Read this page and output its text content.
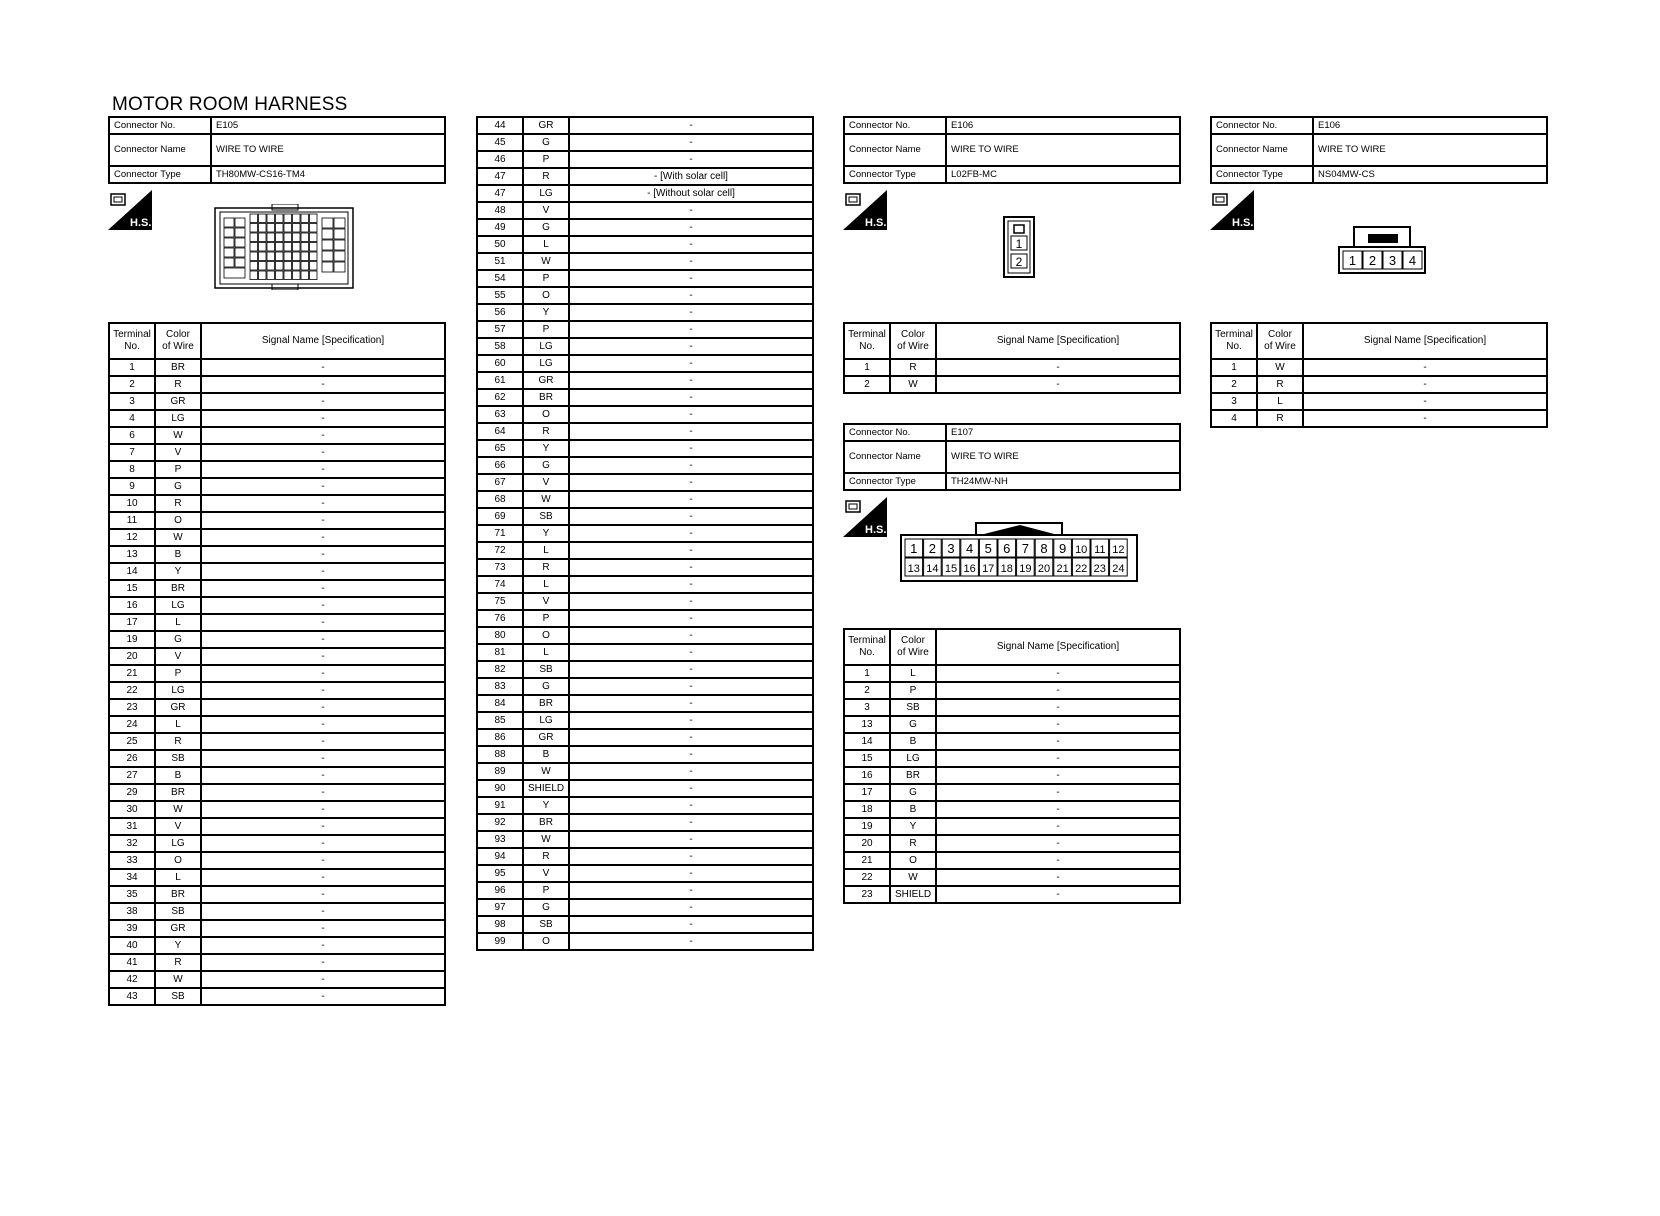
MOTOR ROOM HARNESS
Connector No.	E105
Connector Name	WIRE TO WIRE
Connector Type	TH80MW-CS16-TM4
H.S.
Terminal
No.	Color
of Wire	Signal Name [Specification]
1	BR	-
2	R	-
3	GR	-
4	LG	-
6	W	-
7	V	-
8	P	-
9	G	-
10	R	-
11	O	-
12	W	-
13	B	-
14	Y	-
15	BR	-
16	LG	-
17	L	-
19	G	-
20	V	-
21	P	-
22	LG	-
23	GR	-
24	L	-
25	R	-
26	SB	-
27	B	-
29	BR	-
30	W	-
31	V	-
32	LG	-
33	O	-
34	L	-
35	BR	-
38	SB	-
39	GR	-
40	Y	-
41	R	-
42	W	-
43	SB	-
44	GR	-
45	G	-
46	P	-
47	R	- [With solar cell]
47	LG	- [Without solar cell]
48	V	-
49	G	-
50	L	-
51	W	-
54	P	-
55	O	-
56	Y	-
57	P	-
58	LG	-
60	LG	-
61	GR	-
62	BR	-
63	O	-
64	R	-
65	Y	-
66	G	-
67	V	-
68	W	-
69	SB	-
71	Y	-
72	L	-
73	R	-
74	L	-
75	V	-
76	P	-
80	O	-
81	L	-
82	SB	-
83	G	-
84	BR	-
85	LG	-
86	GR	-
88	B	-
89	W	-
90	SHIELD	-
91	Y	-
92	BR	-
93	W	-
94	R	-
95	V	-
96	P	-
97	G	-
98	SB	-
99	O	-
Connector No.	E106
Connector Name	WIRE TO WIRE
Connector Type	L02FB-MC
H.S.
1
2
Terminal
No.	Color
of Wire	Signal Name [Specification]
1	R	-
2	W	-
Connector No.	E107
Connector Name	WIRE TO WIRE
Connector Type	TH24MW-NH
H.S.
1 2 3 4 5 6 7 8 9 10 11 12
13 14 15 16 17 18 19 20 21 22 23 24
Terminal
No.	Color
of Wire	Signal Name [Specification]
1	L	-
2	P	-
3	SB	-
13	G	-
14	B	-
15	LG	-
16	BR	-
17	G	-
18	B	-
19	Y	-
20	R	-
21	O	-
22	W	-
23	SHIELD	-
Connector No.	E106
Connector Name	WIRE TO WIRE
Connector Type	NS04MW-CS
H.S.
1 2 3 4
Terminal
No.	Color
of Wire	Signal Name [Specification]
1	W	-
2	R	-
3	L	-
4	R	-
